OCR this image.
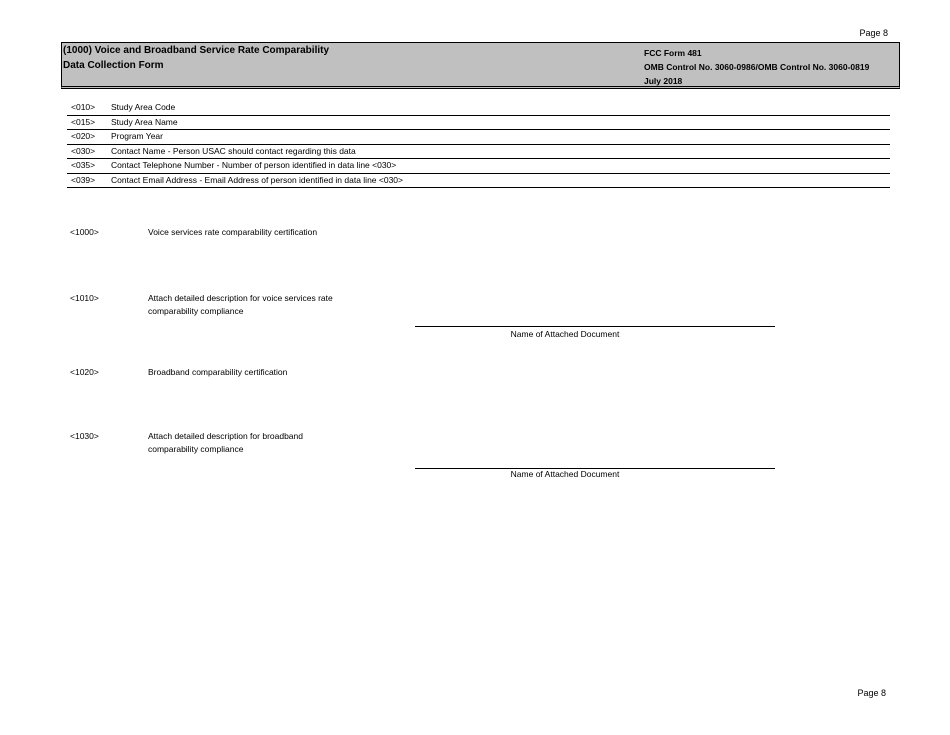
Page 8
(1000) Voice and Broadband Service Rate Comparability
Data Collection Form
FCC Form 481
OMB Control No. 3060-0986/OMB Control No. 3060-0819
July 2018
<010> Study Area Code
<015> Study Area Name
<020> Program Year
<030> Contact Name - Person USAC should contact regarding this data
<035> Contact Telephone Number - Number of person identified in data line <030>
<039> Contact Email Address - Email Address of person identified in data line <030>
<1000>	Voice services rate comparability certification
<1010>	Attach detailed description for voice services rate
comparability compliance
Name of Attached Document
<1020>	Broadband comparability certification
<1030>	Attach detailed description for broadband
comparability compliance
Name of Attached Document
Page 8
